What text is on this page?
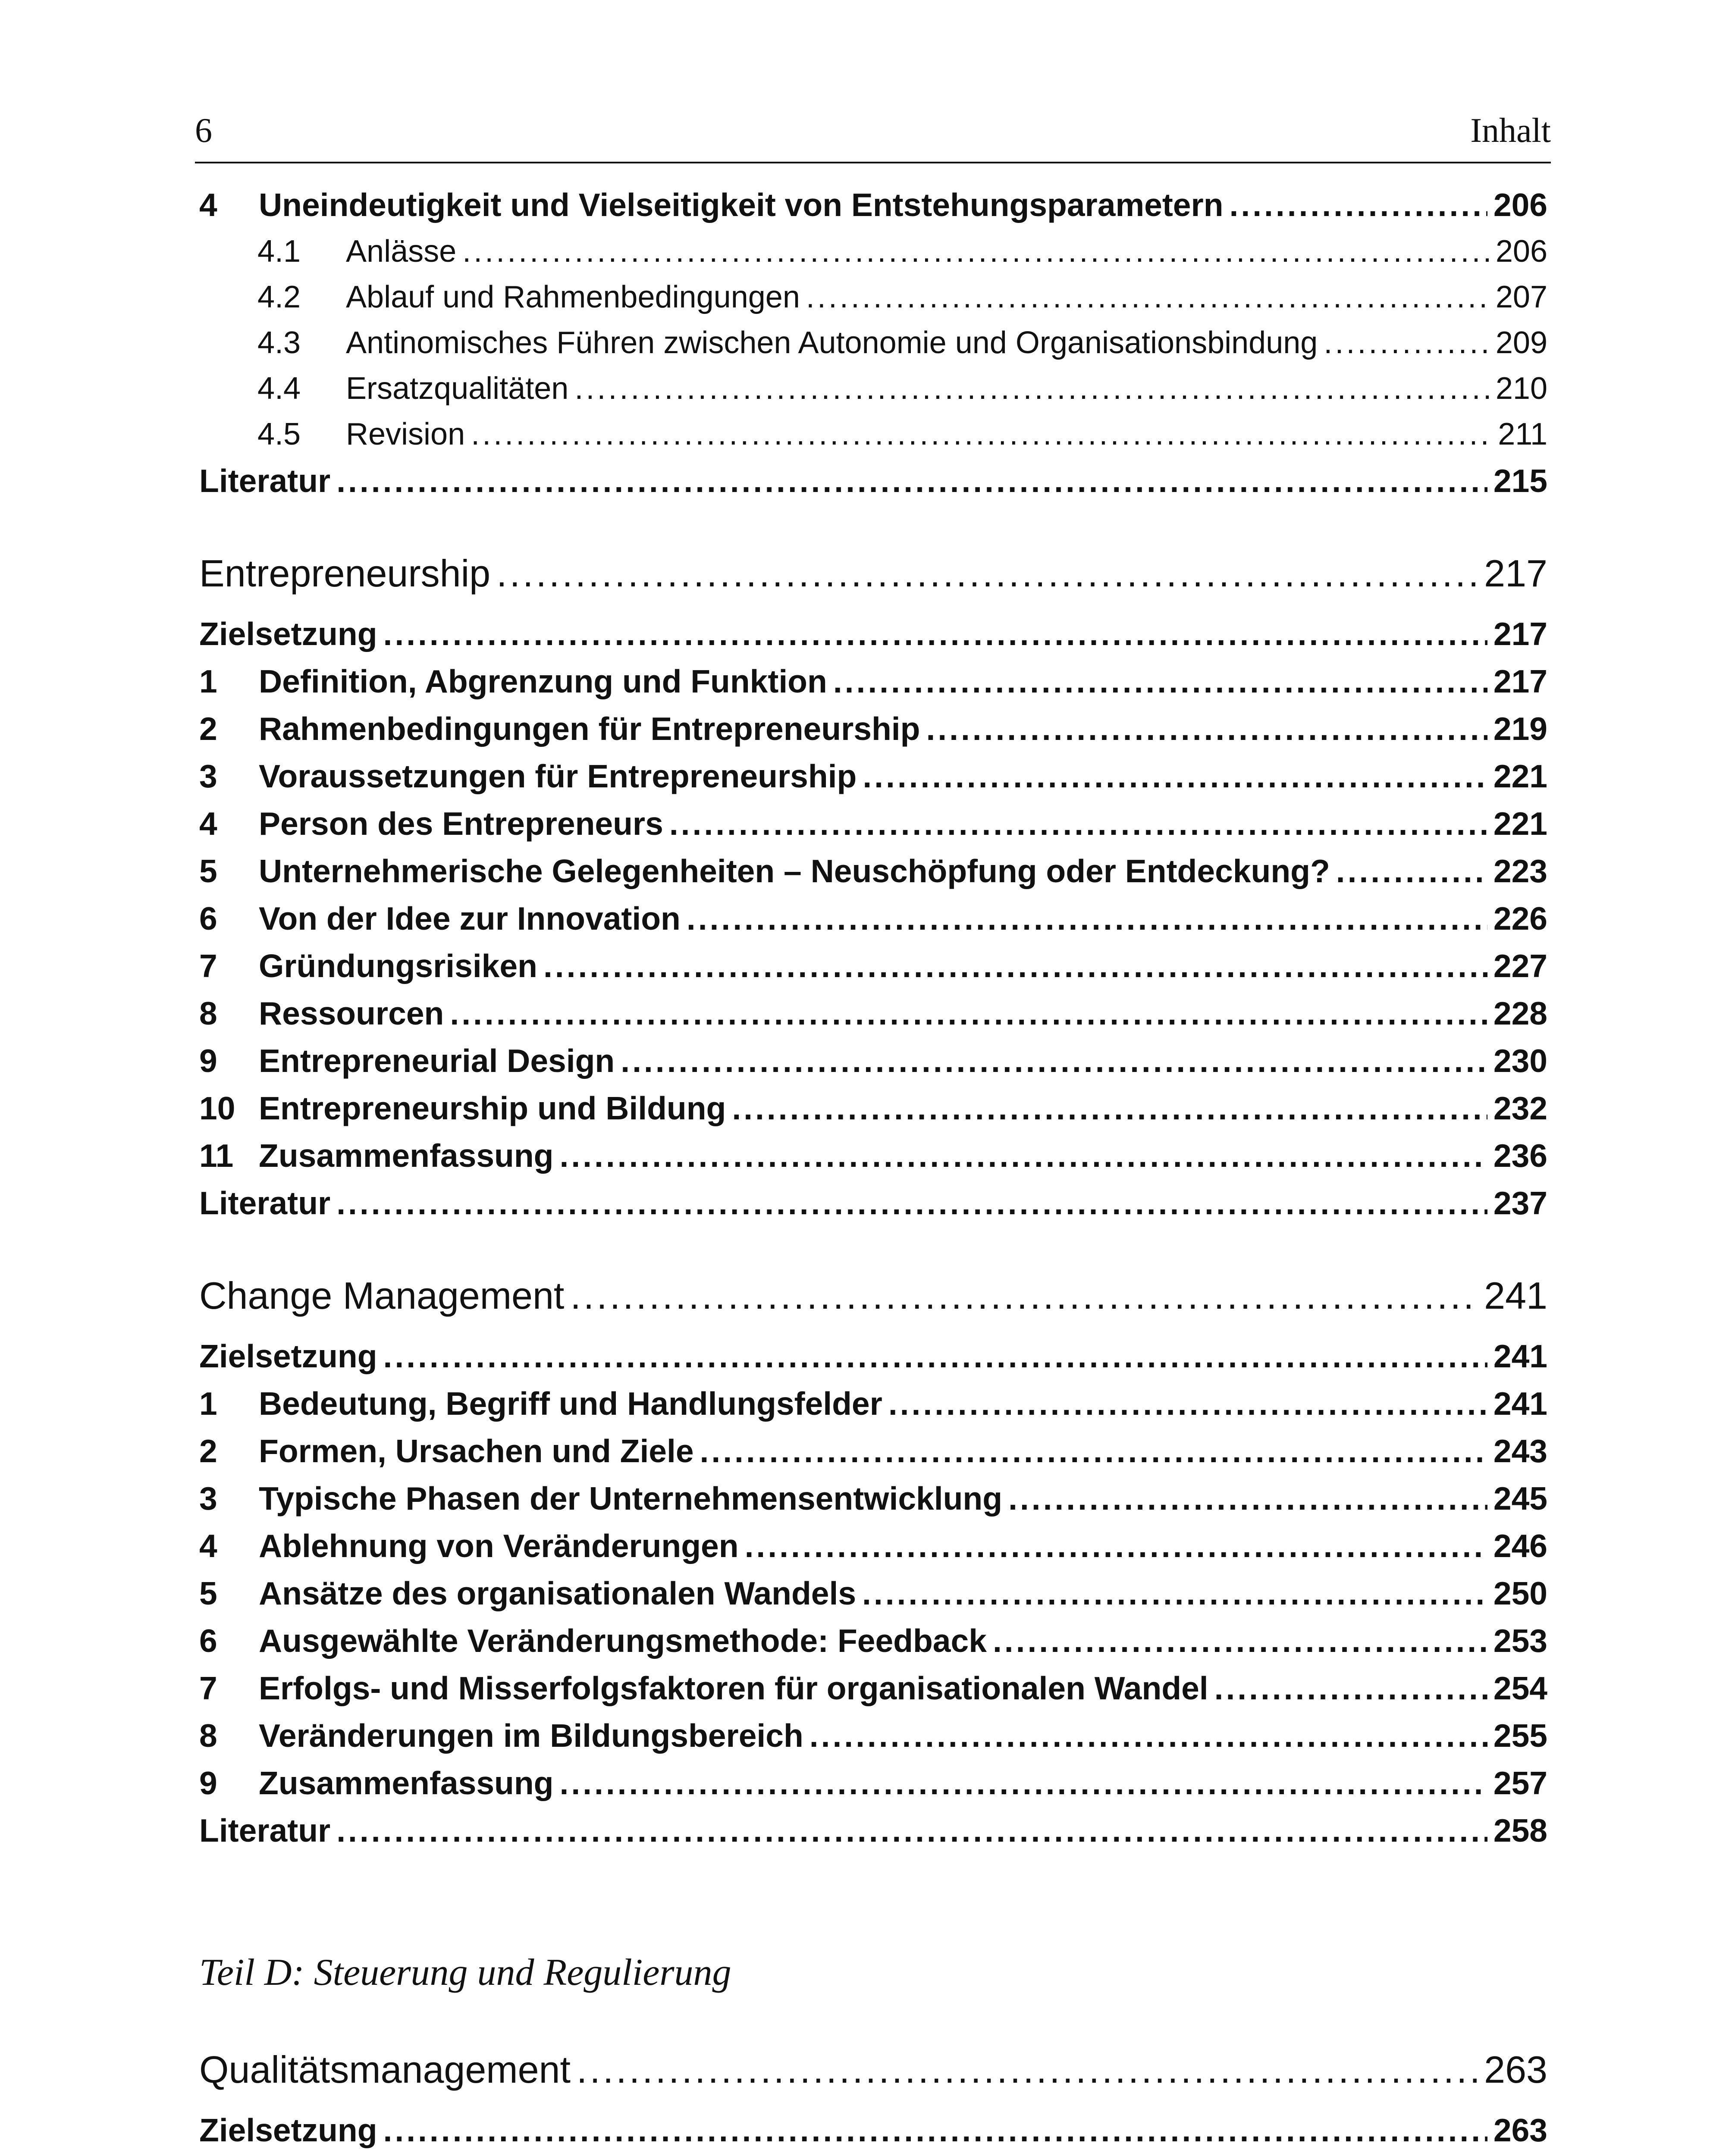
6	Inhalt
4	Uneindeutigkeit und Vielseitigkeit von Entstehungsparametern .....	206
4.1	Anlässe .....	206
4.2	Ablauf und Rahmenbedingungen .....	207
4.3	Antinomisches Führen zwischen Autonomie und Organisationsbindung .....	209
4.4	Ersatzqualitäten .....	210
4.5	Revision .....	211
Literatur .....	215
Entrepreneurship .....	217
Zielsetzung .....	217
1	Definition, Abgrenzung und Funktion .....	217
2	Rahmenbedingungen für Entrepreneurship .....	219
3	Voraussetzungen für Entrepreneurship .....	221
4	Person des Entrepreneurs .....	221
5	Unternehmerische Gelegenheiten – Neuschöpfung oder Entdeckung? .....	223
6	Von der Idee zur Innovation .....	226
7	Gründungsrisiken .....	227
8	Ressourcen .....	228
9	Entrepreneurial Design .....	230
10 Entrepreneurship und Bildung .....	232
11 Zusammenfassung .....	236
Literatur .....	237
Change Management .....	241
Zielsetzung .....	241
1	Bedeutung, Begriff und Handlungsfelder .....	241
2	Formen, Ursachen und Ziele .....	243
3	Typische Phasen der Unternehmensentwicklung .....	245
4	Ablehnung von Veränderungen .....	246
5	Ansätze des organisationalen Wandels .....	250
6	Ausgewählte Veränderungsmethode: Feedback .....	253
7	Erfolgs- und Misserfolgsfaktoren für organisationalen Wandel .....	254
8	Veränderungen im Bildungsbereich .....	255
9	Zusammenfassung .....	257
Literatur .....	258
Teil D: Steuerung und Regulierung
Qualitätsmanagement .....	263
Zielsetzung .....	263
.....
